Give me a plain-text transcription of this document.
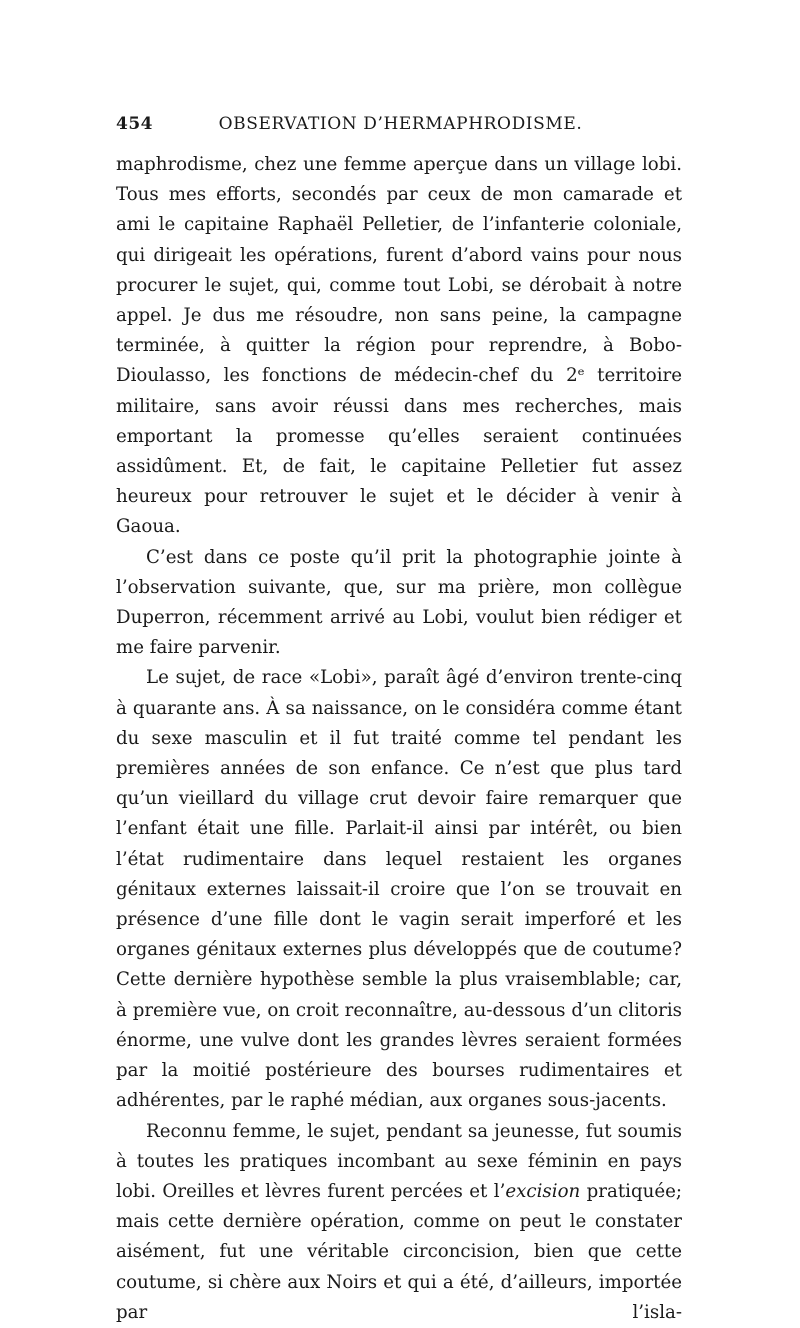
454	OBSERVATION D’HERMAPHRODISME.

maphrodisme, chez une femme aperçue dans un village lobi. Tous mes efforts, secondés par ceux de mon camarade et ami le capitaine Raphaël Pelletier, de l’infanterie coloniale, qui dirigeait les opérations, furent d’abord vains pour nous procurer le sujet, qui, comme tout Lobi, se dérobait à notre appel. Je dus me résoudre, non sans peine, la campagne terminée, à quitter la région pour reprendre, à Bobo-Dioulasso, les fonctions de médecin-chef du 2ᵉ territoire militaire, sans avoir réussi dans mes recherches, mais emportant la promesse qu’elles seraient continuées assidûment. Et, de fait, le capitaine Pelletier fut assez heureux pour retrouver le sujet et le décider à venir à Gaoua.

C’est dans ce poste qu’il prit la photographie jointe à l’observation suivante, que, sur ma prière, mon collègue Duperron, récemment arrivé au Lobi, voulut bien rédiger et me faire parvenir.

Le sujet, de race «Lobi», paraît âgé d’environ trente-cinq à quarante ans. À sa naissance, on le considéra comme étant du sexe masculin et il fut traité comme tel pendant les premières années de son enfance. Ce n’est que plus tard qu’un vieillard du village crut devoir faire remarquer que l’enfant était une fille. Parlait-il ainsi par intérêt, ou bien l’état rudimentaire dans lequel restaient les organes génitaux externes laissait-il croire que l’on se trouvait en présence d’une fille dont le vagin serait imperforé et les organes génitaux externes plus développés que de coutume? Cette dernière hypothèse semble la plus vraisemblable; car, à première vue, on croit reconnaître, au-dessous d’un clitoris énorme, une vulve dont les grandes lèvres seraient formées par la moitié postérieure des bourses rudimentaires et adhérentes, par le raphé médian, aux organes sous-jacents.

Reconnu femme, le sujet, pendant sa jeunesse, fut soumis à toutes les pratiques incombant au sexe féminin en pays lobi. Oreilles et lèvres furent percées et l’excision pratiquée; mais cette dernière opération, comme on peut le constater aisément, fut une véritable circoncision, bien que cette coutume, si chère aux Noirs et qui a été, d’ailleurs, importée par l’isla-
